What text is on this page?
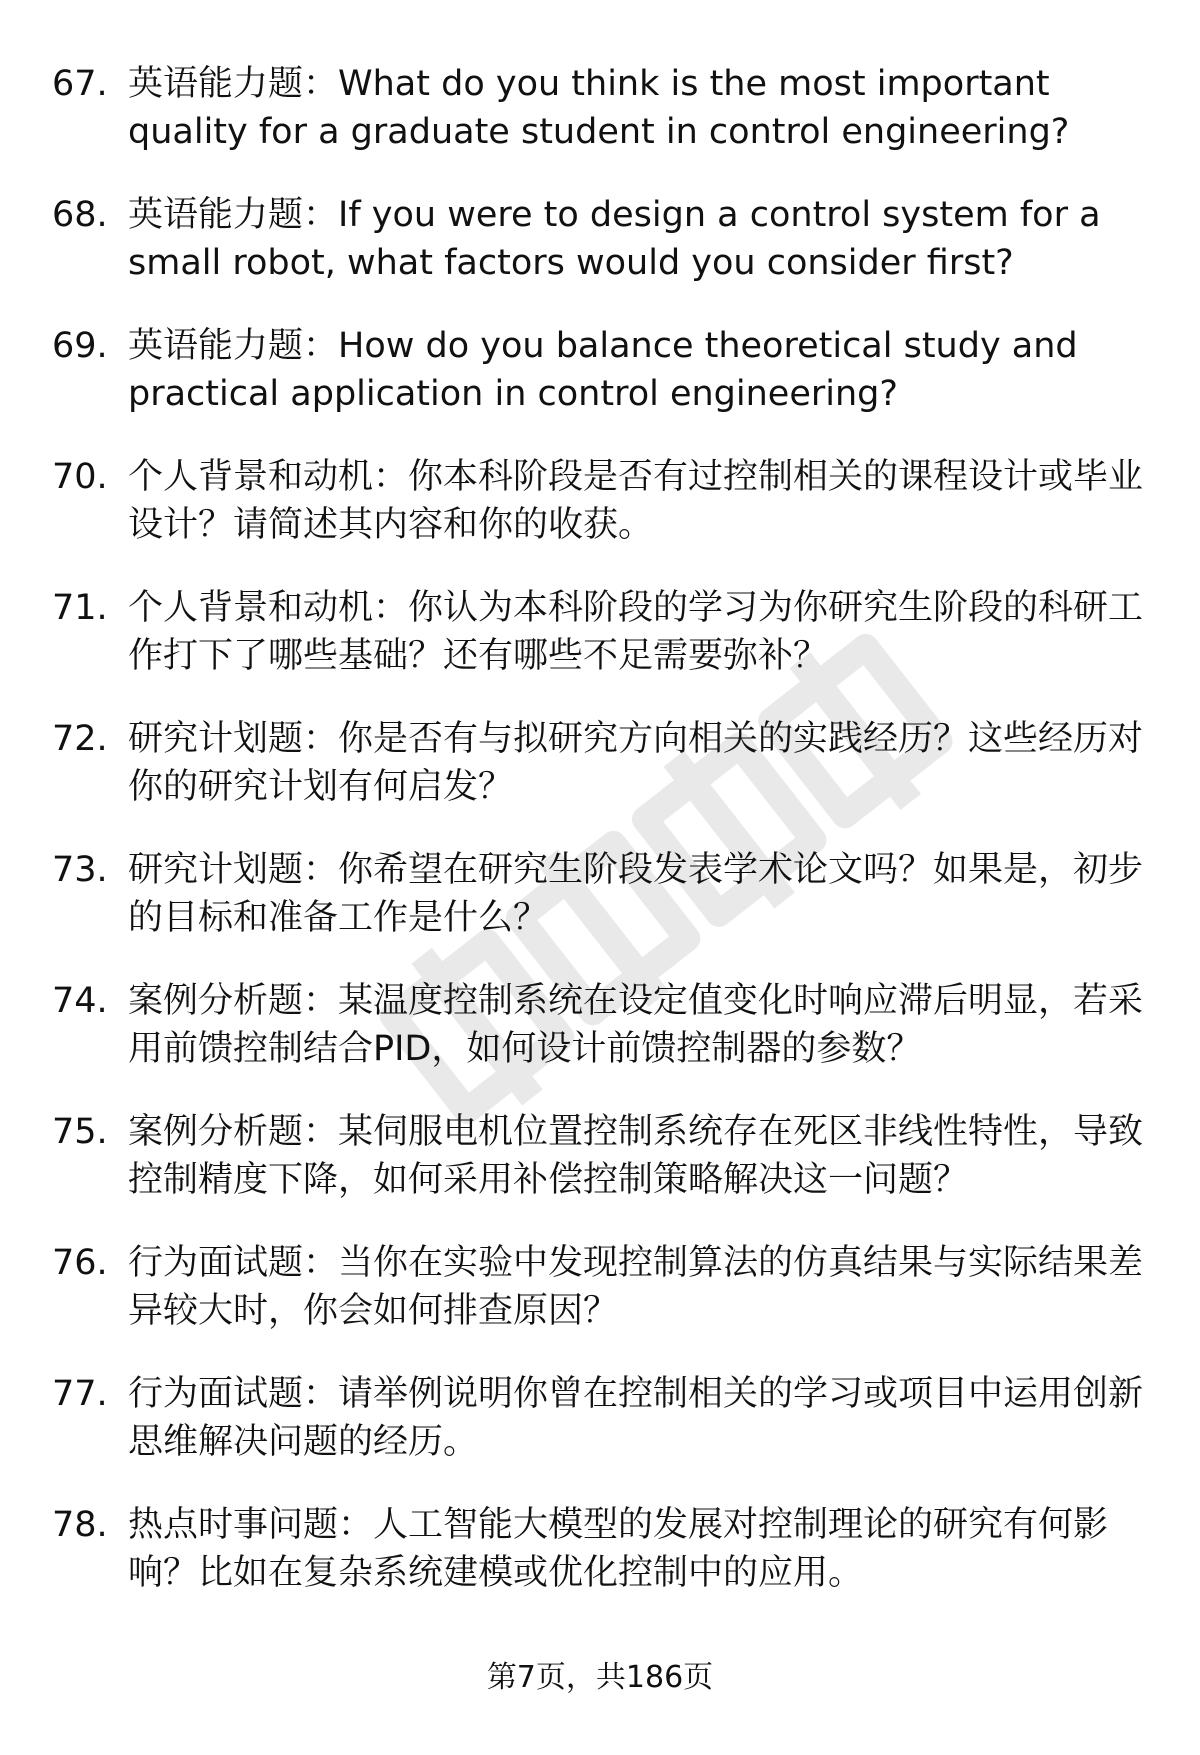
67. 英语能力题：What do you think is the most important quality for a graduate student in control engineering?
68. 英语能力题：If you were to design a control system for a small robot, what factors would you consider first?
69. 英语能力题：How do you balance theoretical study and practical application in control engineering?
70. 个人背景和动机：你本科阶段是否有过控制相关的课程设计或毕业设计？请简述其内容和你的收获。
71. 个人背景和动机：你认为本科阶段的学习为你研究生阶段的科研工作打下了哪些基础？还有哪些不足需要弥补？
72. 研究计划题：你是否有与拟研究方向相关的实践经历？这些经历对你的研究计划有何启发？
73. 研究计划题：你希望在研究生阶段发表学术论文吗？如果是，初步的目标和准备工作是什么？
74. 案例分析题：某温度控制系统在设定值变化时响应滞后明显，若采用前馈控制结合PID，如何设计前馈控制器的参数？
75. 案例分析题：某伺服电机位置控制系统存在死区非线性特性，导致控制精度下降，如何采用补偿控制策略解决这一问题？
76. 行为面试题：当你在实验中发现控制算法的仿真结果与实际结果差异较大时，你会如何排查原因？
77. 行为面试题：请举例说明你曾在控制相关的学习或项目中运用创新思维解决问题的经历。
78. 热点时事问题：人工智能大模型的发展对控制理论的研究有何影响？比如在复杂系统建模或优化控制中的应用。
第7页，共186页
